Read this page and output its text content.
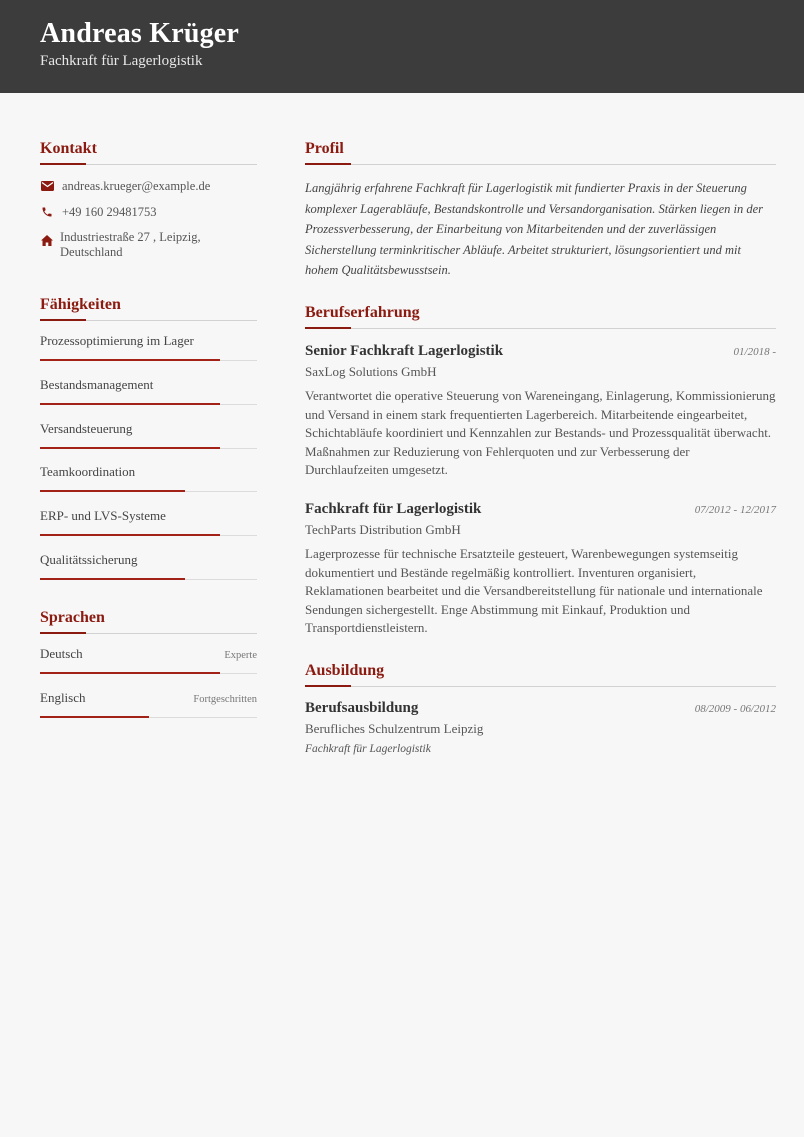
Andreas Krüger
Fachkraft für Lagerlogistik
Kontakt
andreas.krueger@example.de
+49 160 29481753
Industriestraße 27 , Leipzig,
Deutschland
Fähigkeiten
Prozessoptimierung im Lager
Bestandsmanagement
Versandsteuerung
Teamkoordination
ERP- und LVS-Systeme
Qualitätssicherung
Sprachen
Deutsch	Experte
Englisch	Fortgeschritten
Profil
Langjährig erfahrene Fachkraft für Lagerlogistik mit fundierter Praxis in der Steuerung komplexer Lagerabläufe, Bestandskontrolle und Versandorganisation. Stärken liegen in der Prozessverbesserung, der Einarbeitung von Mitarbeitenden und der zuverlässigen Sicherstellung terminkritischer Abläufe. Arbeitet strukturiert, lösungsorientiert und mit hohem Qualitätsbewusstsein.
Berufserfahrung
Senior Fachkraft Lagerlogistik	01/2018 -
SaxLog Solutions GmbH
Verantwortet die operative Steuerung von Wareneingang, Einlagerung, Kommissionierung und Versand in einem stark frequentierten Lagerbereich. Mitarbeitende eingearbeitet, Schichtabläufe koordiniert und Kennzahlen zur Bestands- und Prozessqualität überwacht. Maßnahmen zur Reduzierung von Fehlerquoten und zur Verbesserung der Durchlaufzeiten umgesetzt.
Fachkraft für Lagerlogistik	07/2012 - 12/2017
TechParts Distribution GmbH
Lagerprozesse für technische Ersatzteile gesteuert, Warenbewegungen systemseitig dokumentiert und Bestände regelmäßig kontrolliert. Inventuren organisiert, Reklamationen bearbeitet und die Versandbereitstellung für nationale und internationale Sendungen sichergestellt. Enge Abstimmung mit Einkauf, Produktion und Transportdienstleistern.
Ausbildung
Berufsausbildung	08/2009 - 06/2012
Berufliches Schulzentrum Leipzig
Fachkraft für Lagerlogistik
